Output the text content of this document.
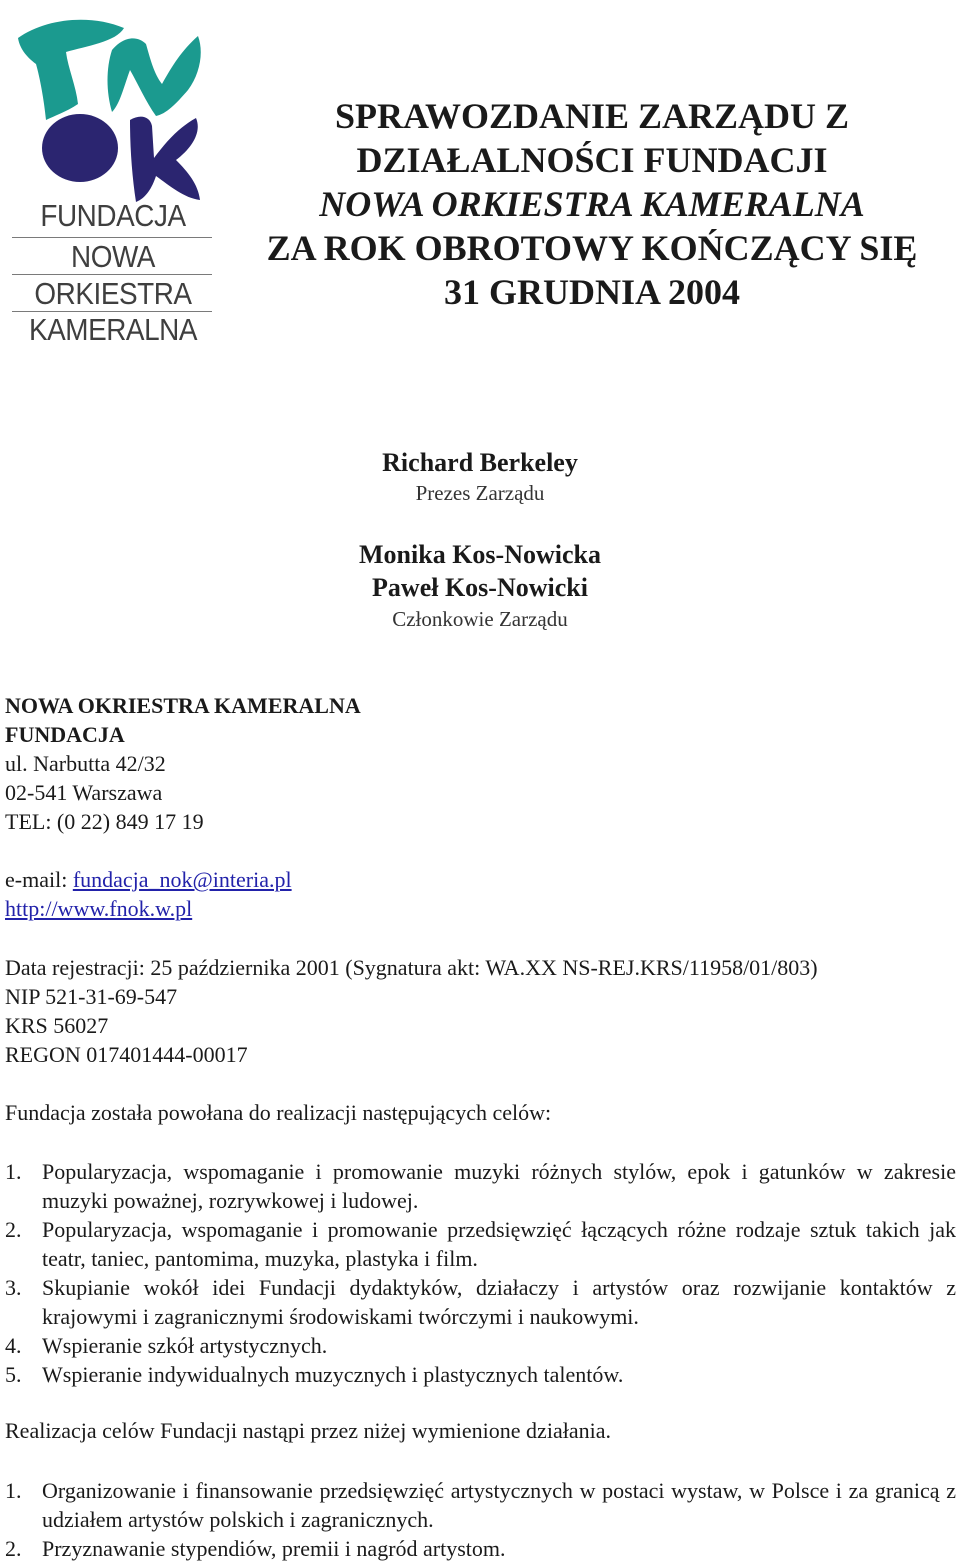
FUNDACJA
NOWA
ORKIESTRA
KAMERALNA
SPRAWOZDANIE ZARZĄDU Z
DZIAŁALNOŚCI FUNDACJI
NOWA ORKIESTRA KAMERALNA
ZA ROK OBROTOWY KOŃCZĄCY SIĘ
31 GRUDNIA 2004
Richard Berkeley
Prezes Zarządu
Monika Kos-Nowicka
Paweł Kos-Nowicki
Członkowie Zarządu
NOWA OKRIESTRA KAMERALNA
FUNDACJA
ul. Narbutta 42/32
02-541 Warszawa
TEL: (0 22) 849 17 19
e-mail: fundacja_nok@interia.pl
http://www.fnok.w.pl
Data rejestracji: 25 października 2001 (Sygnatura akt: WA.XX NS-REJ.KRS/11958/01/803)
NIP 521-31-69-547
KRS 56027
REGON 017401444-00017
Fundacja została powołana do realizacji następujących celów:
1. Popularyzacja, wspomaganie i promowanie muzyki różnych stylów, epok i gatunków w zakresie muzyki poważnej, rozrywkowej i ludowej.
2. Popularyzacja, wspomaganie i promowanie przedsięwzięć łączących różne rodzaje sztuk takich jak teatr, taniec, pantomima, muzyka, plastyka i film.
3. Skupianie wokół idei Fundacji dydaktyków, działaczy i artystów oraz rozwijanie kontaktów z krajowymi i zagranicznymi środowiskami twórczymi i naukowymi.
4. Wspieranie szkół artystycznych.
5. Wspieranie indywidualnych muzycznych i plastycznych talentów.
Realizacja celów Fundacji nastąpi przez niżej wymienione działania.
1. Organizowanie i finansowanie przedsięwzięć artystycznych w postaci wystaw, w Polsce i za granicą z udziałem artystów polskich i zagranicznych.
2. Przyznawanie stypendiów, premii i nagród artystom.
